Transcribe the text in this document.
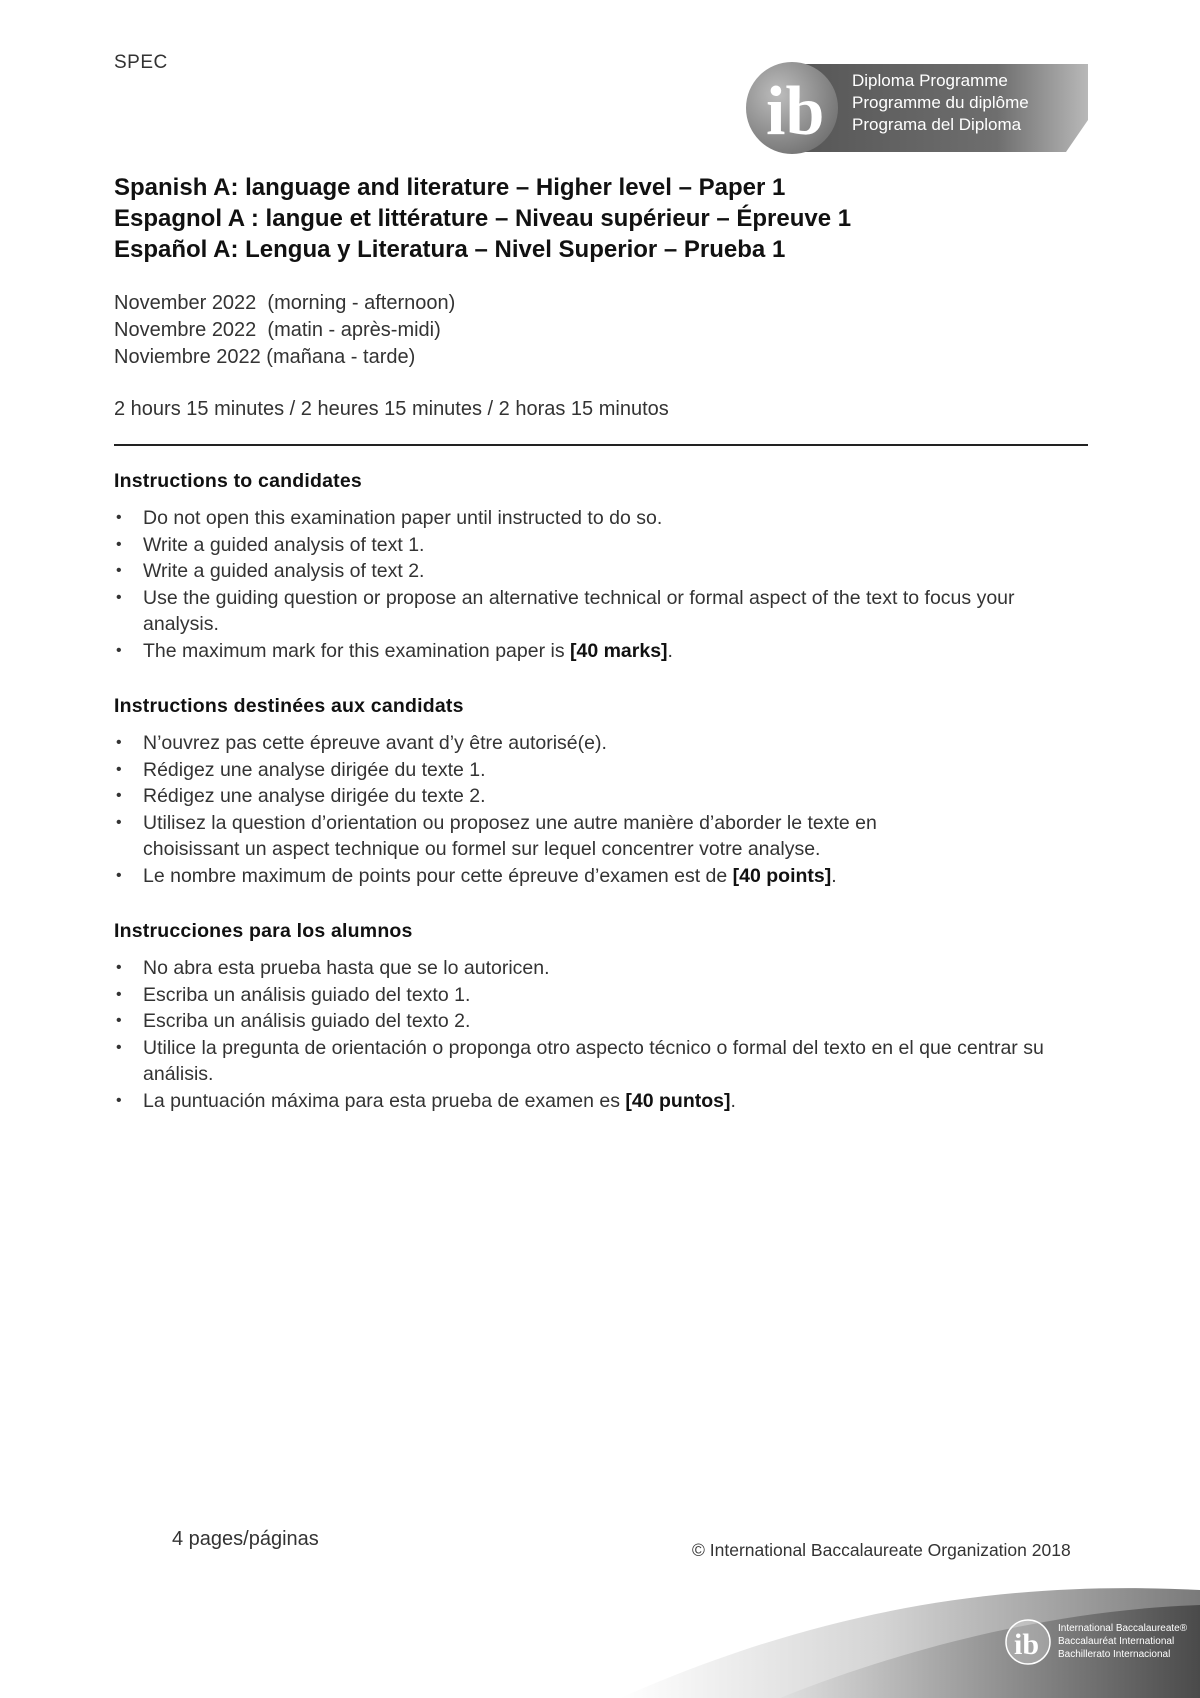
SPEC
ib Diploma Programme
Programme du diplôme
Programa del Diploma
Spanish A: language and literature – Higher level – Paper 1
Espagnol A : langue et littérature – Niveau supérieur – Épreuve 1
Español A: Lengua y Literatura – Nivel Superior – Prueba 1
November 2022  (morning - afternoon)
Novembre 2022  (matin - après-midi)
Noviembre 2022 (mañana - tarde)
2 hours 15 minutes / 2 heures 15 minutes / 2 horas 15 minutos
Instructions to candidates
• Do not open this examination paper until instructed to do so.
• Write a guided analysis of text 1.
• Write a guided analysis of text 2.
• Use the guiding question or propose an alternative technical or formal aspect of the text to focus your analysis.
• The maximum mark for this examination paper is [40 marks].
Instructions destinées aux candidats
• N’ouvrez pas cette épreuve avant d’y être autorisé(e).
• Rédigez une analyse dirigée du texte 1.
• Rédigez une analyse dirigée du texte 2.
• Utilisez la question d’orientation ou proposez une autre manière d’aborder le texte en choisissant un aspect technique ou formel sur lequel concentrer votre analyse.
• Le nombre maximum de points pour cette épreuve d’examen est de [40 points].
Instrucciones para los alumnos
• No abra esta prueba hasta que se lo autoricen.
• Escriba un análisis guiado del texto 1.
• Escriba un análisis guiado del texto 2.
• Utilice la pregunta de orientación o proponga otro aspecto técnico o formal del texto en el que centrar su análisis.
• La puntuación máxima para esta prueba de examen es [40 puntos].
4 pages/páginas	© International Baccalaureate Organization 2018
ib International Baccalaureate®
Baccalauréat International
Bachillerato Internacional
